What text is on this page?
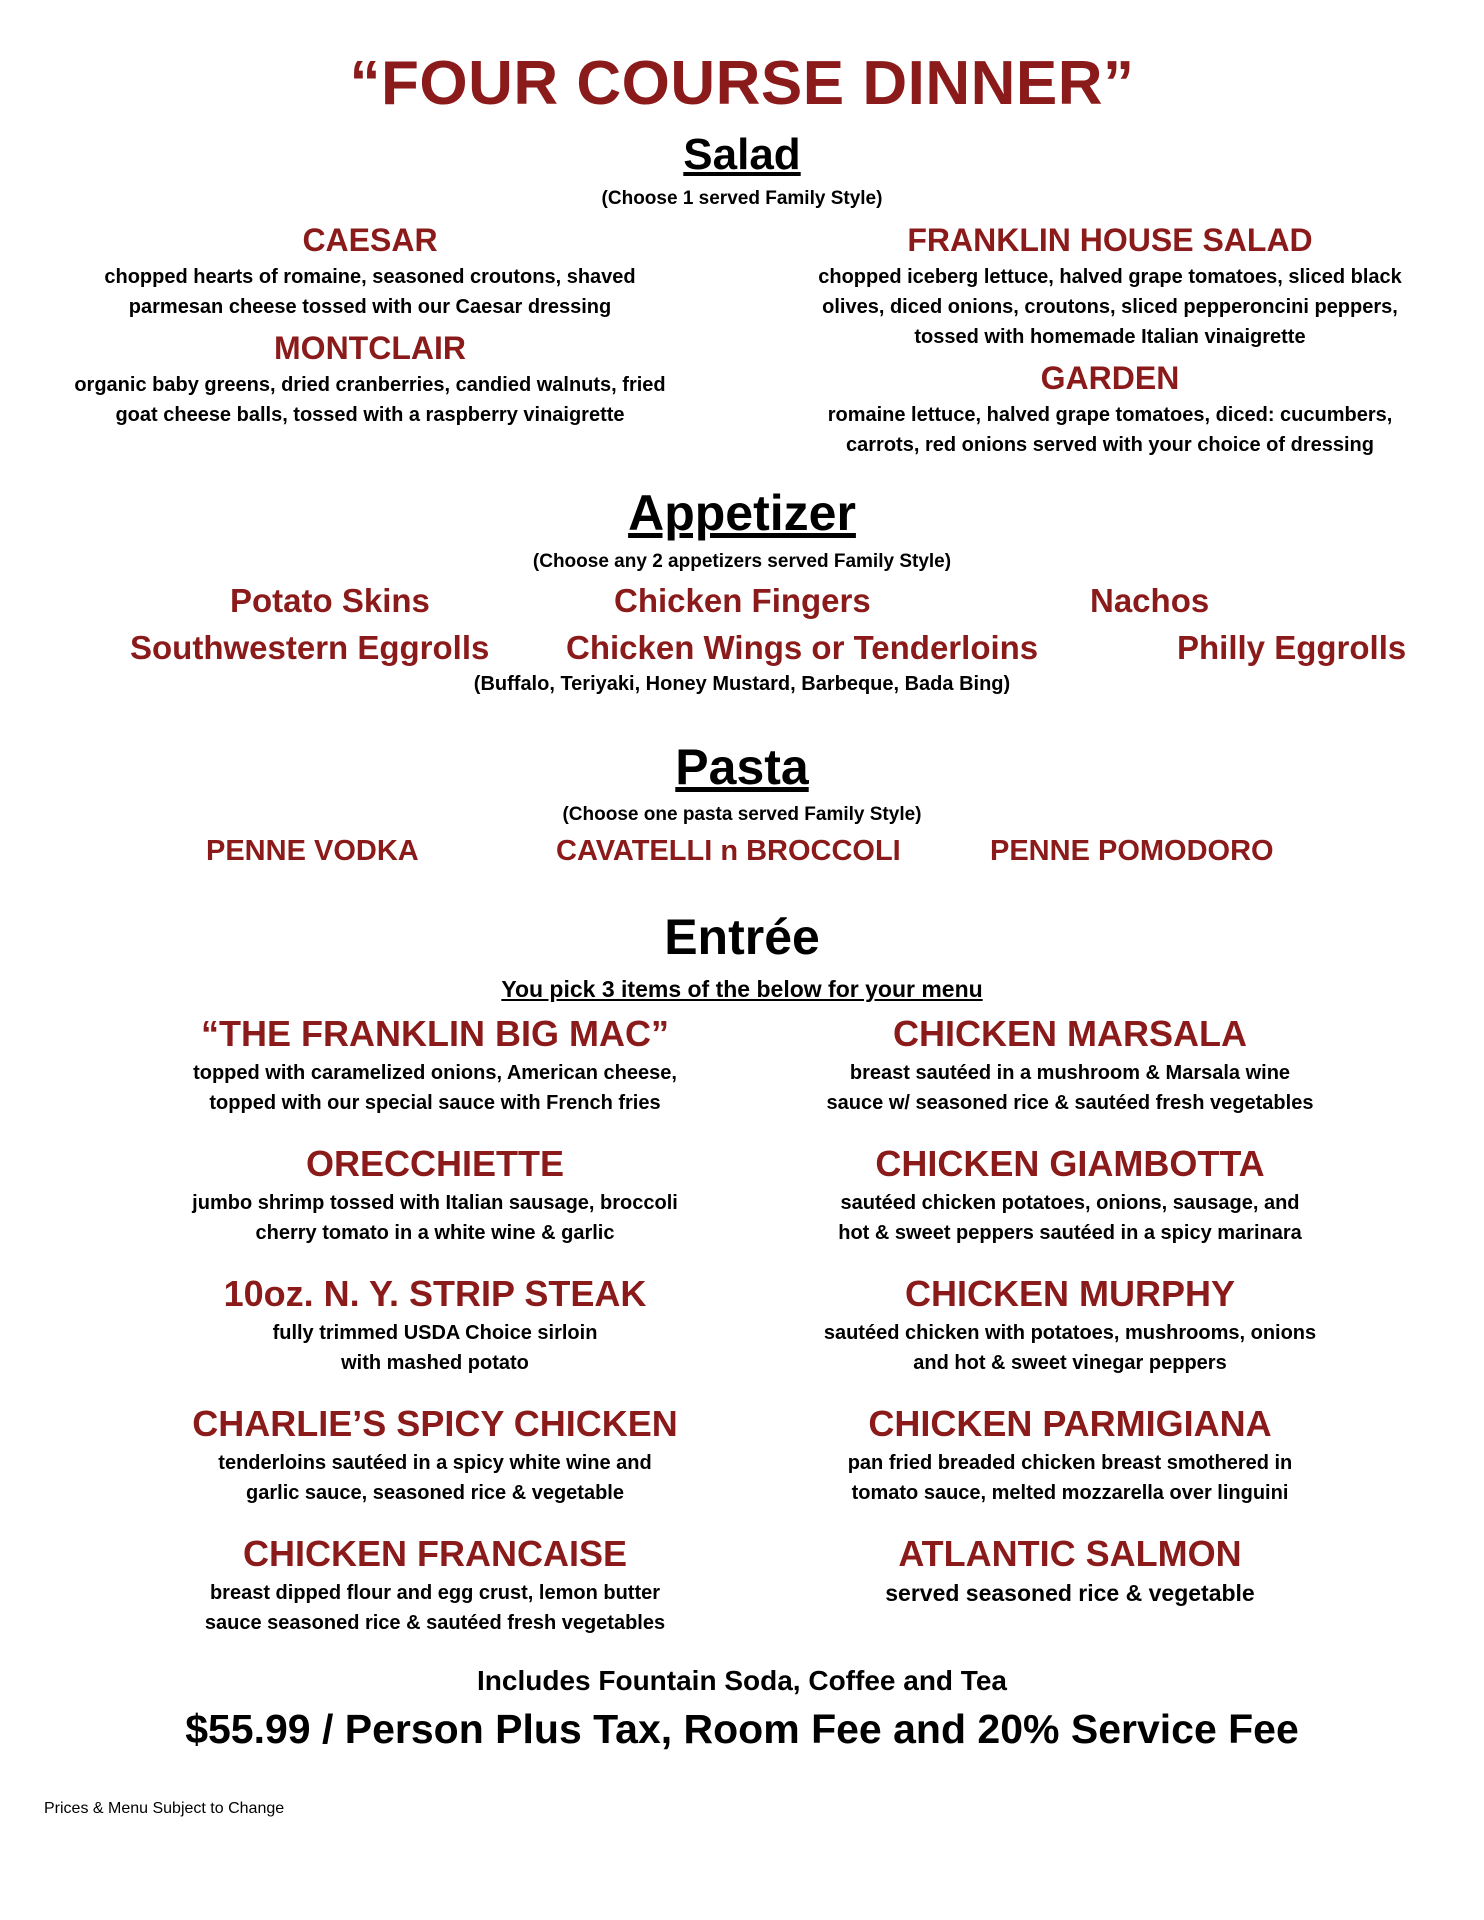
“FOUR COURSE DINNER”
Salad
(Choose 1 served Family Style)
CAESAR
chopped hearts of romaine, seasoned croutons, shaved
parmesan cheese tossed with our Caesar dressing
MONTCLAIR
organic baby greens, dried cranberries, candied walnuts, fried
goat cheese balls, tossed with a raspberry vinaigrette
FRANKLIN HOUSE SALAD
chopped iceberg lettuce, halved grape tomatoes, sliced black
olives, diced onions, croutons, sliced pepperoncini peppers,
tossed with homemade Italian vinaigrette
GARDEN
romaine lettuce, halved grape tomatoes, diced: cucumbers,
carrots, red onions served with your choice of dressing
Appetizer
(Choose any 2 appetizers served Family Style)
Potato Skins	Chicken Fingers	Nachos
Southwestern Eggrolls Chicken Wings or Tenderloins	Philly Eggrolls
(Buffalo, Teriyaki, Honey Mustard, Barbeque, Bada Bing)
Pasta
(Choose one pasta served Family Style)
PENNE VODKA	CAVATELLI n BROCCOLI	PENNE POMODORO
Entrée
You pick 3 items of the below for your menu
“THE FRANKLIN BIG MAC”
topped with caramelized onions, American cheese,
topped with our special sauce with French fries
ORECCHIETTE
jumbo shrimp tossed with Italian sausage, broccoli
cherry tomato in a white wine & garlic
10oz. N. Y. STRIP STEAK
fully trimmed USDA Choice sirloin
with mashed potato
CHARLIE’S SPICY CHICKEN
tenderloins sautéed in a spicy white wine and
garlic sauce, seasoned rice & vegetable
CHICKEN FRANCAISE
breast dipped flour and egg crust, lemon butter
sauce seasoned rice & sautéed fresh vegetables
CHICKEN MARSALA
breast sautéed in a mushroom & Marsala wine
sauce w/ seasoned rice & sautéed fresh vegetables
CHICKEN GIAMBOTTA
sautéed chicken potatoes, onions, sausage, and
hot & sweet peppers sautéed in a spicy marinara
CHICKEN MURPHY
sautéed chicken with potatoes, mushrooms, onions
and hot & sweet vinegar peppers
CHICKEN PARMIGIANA
pan fried breaded chicken breast smothered in
tomato sauce, melted mozzarella over linguini
ATLANTIC SALMON
served seasoned rice & vegetable
Includes Fountain Soda, Coffee and Tea
$55.99 / Person Plus Tax, Room Fee and 20% Service Fee
Prices & Menu Subject to Change
